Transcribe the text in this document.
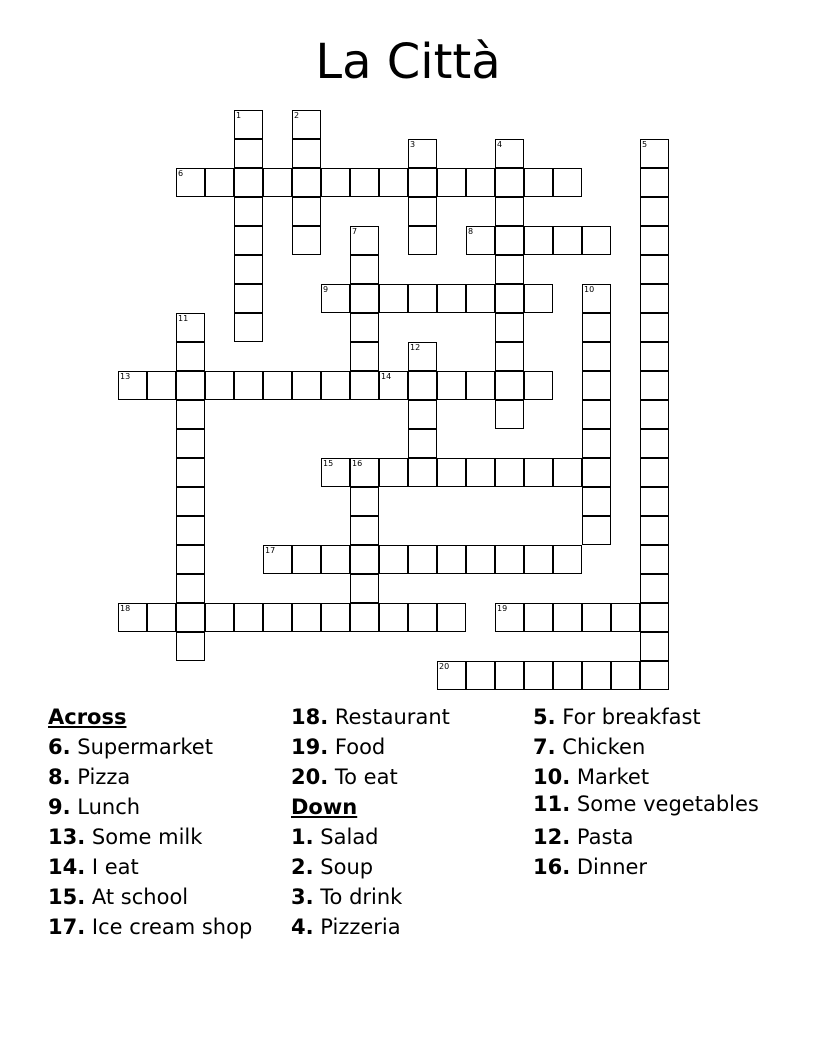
La Città
1	2
3	4	5
6
7	8
9	10
11
12
13	14
15 16
17
18	19
20
Across
6. Supermarket
8. Pizza
9. Lunch
13. Some milk
14. I eat
15. At school
17. Ice cream shop
18. Restaurant
19. Food
20. To eat
Down
1. Salad
2. Soup
3. To drink
4. Pizzeria
5. For breakfast
7. Chicken
10. Market
11. Some vegetables
12. Pasta
16. Dinner
